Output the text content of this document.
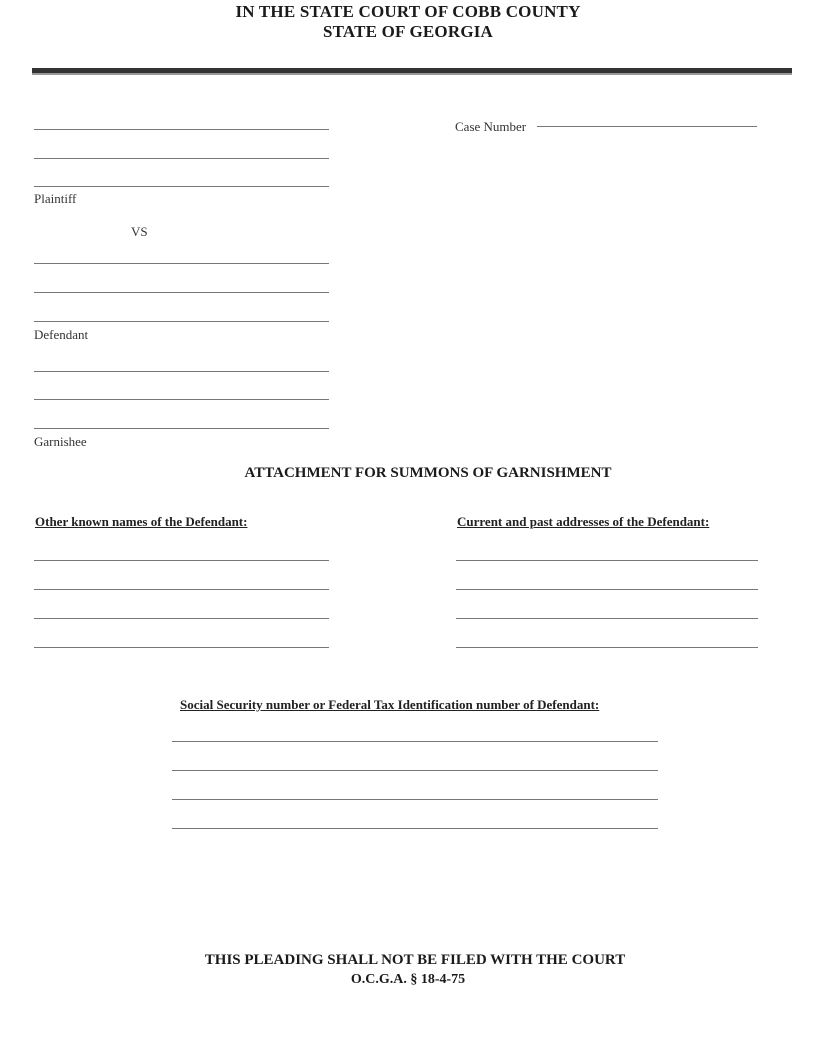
IN THE STATE COURT OF COBB COUNTY
STATE OF GEORGIA
Plaintiff
VS
Defendant
Garnishee
Case Number
ATTACHMENT FOR SUMMONS OF GARNISHMENT
Other known names of the Defendant:	Current and past addresses of the Defendant:
Social Security number or Federal Tax Identification number of Defendant:
THIS PLEADING SHALL NOT BE FILED WITH THE COURT
O.C.G.A. § 18-4-75
